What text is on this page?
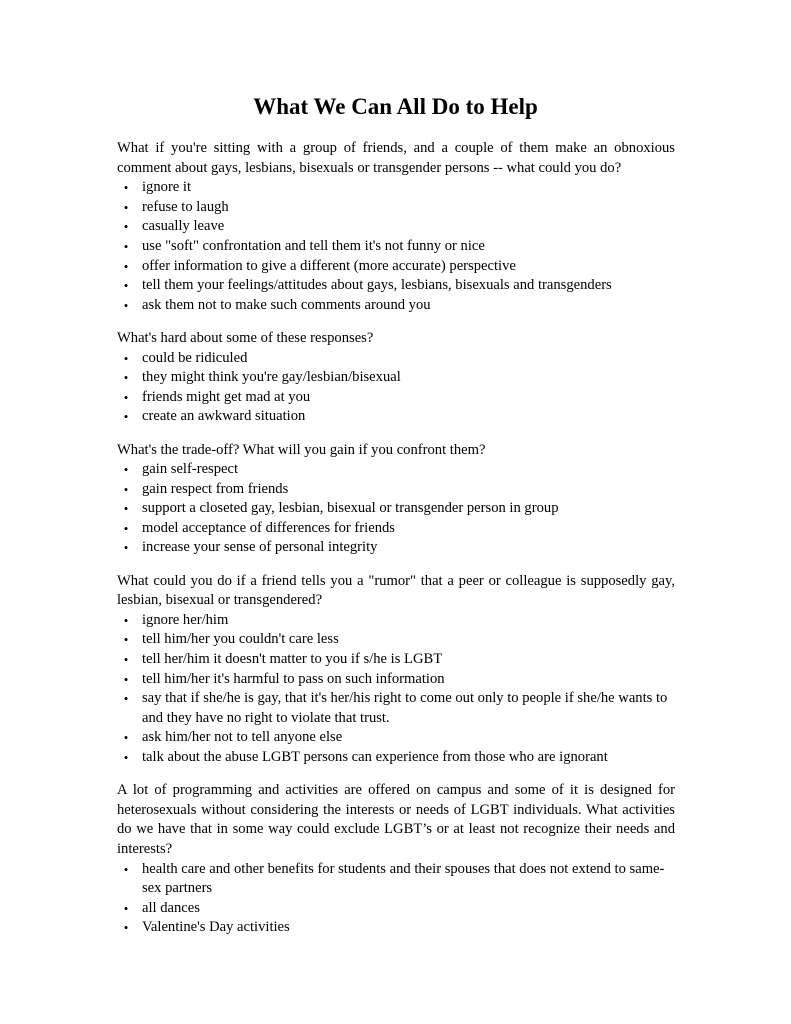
What We Can All Do to Help

What if you're sitting with a group of friends, and a couple of them make an obnoxious comment about gays, lesbians, bisexuals or transgender persons -- what could you do?

• ignore it
• refuse to laugh
• casually leave
• use "soft" confrontation and tell them it's not funny or nice
• offer information to give a different (more accurate) perspective
• tell them your feelings/attitudes about gays, lesbians, bisexuals and transgenders
• ask them not to make such comments around you

What's hard about some of these responses?

• could be ridiculed
• they might think you're gay/lesbian/bisexual
• friends might get mad at you
• create an awkward situation

What's the trade-off? What will you gain if you confront them?

• gain self-respect
• gain respect from friends
• support a closeted gay, lesbian, bisexual or transgender person in group
• model acceptance of differences for friends
• increase your sense of personal integrity

What could you do if a friend tells you a "rumor" that a peer or colleague is supposedly gay, lesbian, bisexual or transgendered?

• ignore her/him
• tell him/her you couldn't care less
• tell her/him it doesn't matter to you if s/he is LGBT
• tell him/her it's harmful to pass on such information
• say that if she/he is gay, that it's her/his right to come out only to people if she/he wants to and they have no right to violate that trust.
• ask him/her not to tell anyone else
• talk about the abuse LGBT persons can experience from those who are ignorant

A lot of programming and activities are offered on campus and some of it is designed for heterosexuals without considering the interests or needs of LGBT individuals. What activities do we have that in some way could exclude LGBT’s or at least not recognize their needs and interests?

• health care and other benefits for students and their spouses that does not extend to same-sex partners
• all dances
• Valentine's Day activities
